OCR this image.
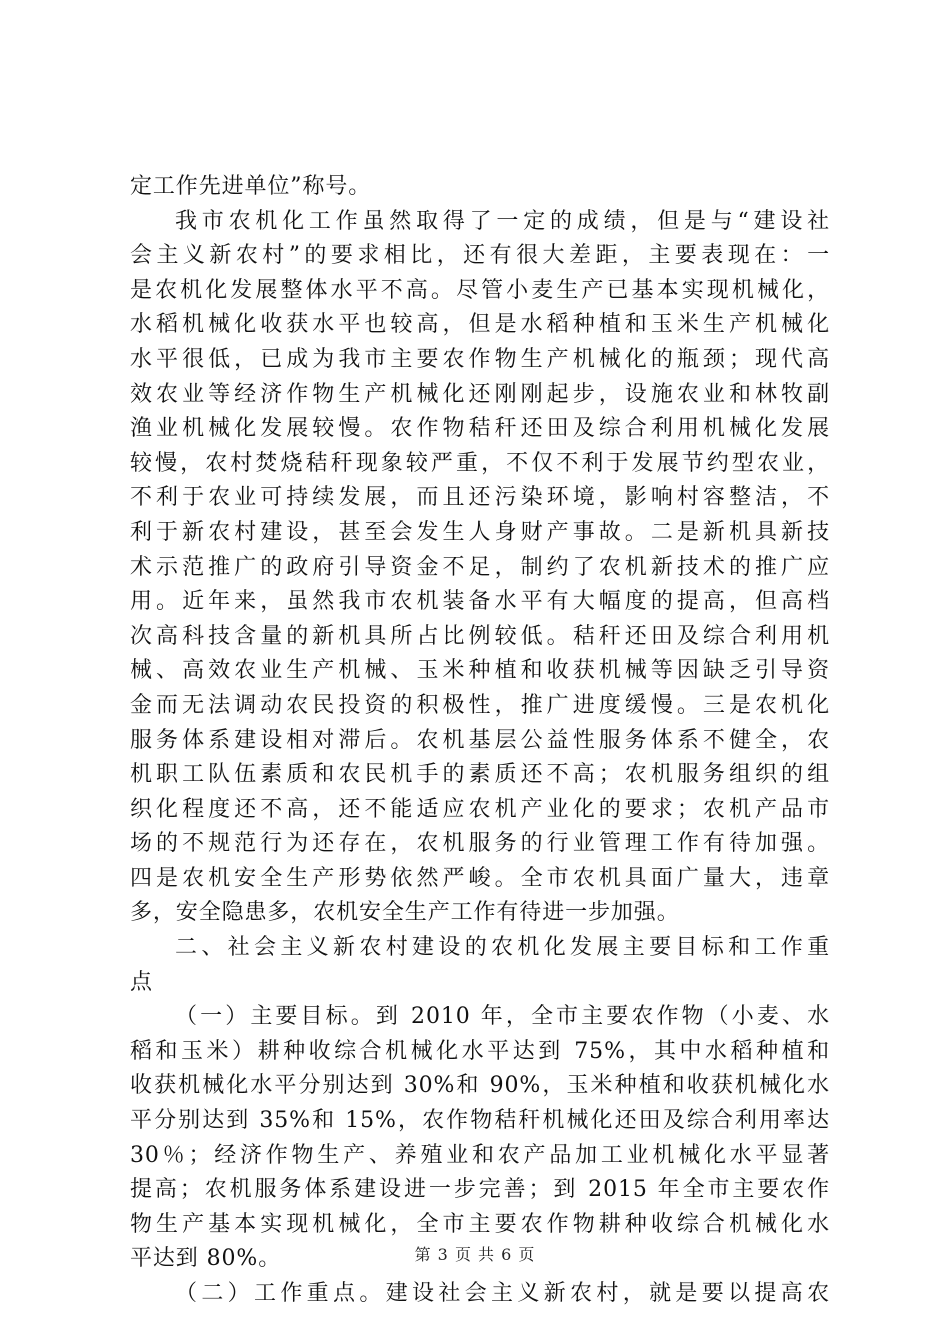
定工作先进单位”称号。
我市农机化工作虽然取得了一定的成绩，但是与“建设社
会主义新农村”的要求相比，还有很大差距，主要表现在：一
是农机化发展整体水平不高。尽管小麦生产已基本实现机械化，
水稻机械化收获水平也较高，但是水稻种植和玉米生产机械化
水平很低，已成为我市主要农作物生产机械化的瓶颈；现代高
效农业等经济作物生产机械化还刚刚起步，设施农业和林牧副
渔业机械化发展较慢。农作物秸秆还田及综合利用机械化发展
较慢，农村焚烧秸秆现象较严重，不仅不利于发展节约型农业，
不利于农业可持续发展，而且还污染环境，影响村容整洁，不
利于新农村建设，甚至会发生人身财产事故。二是新机具新技
术示范推广的政府引导资金不足，制约了农机新技术的推广应
用。近年来，虽然我市农机装备水平有大幅度的提高，但高档
次高科技含量的新机具所占比例较低。秸秆还田及综合利用机
械、高效农业生产机械、玉米种植和收获机械等因缺乏引导资
金而无法调动农民投资的积极性，推广进度缓慢。三是农机化
服务体系建设相对滞后。农机基层公益性服务体系不健全，农
机职工队伍素质和农民机手的素质还不高；农机服务组织的组
织化程度还不高，还不能适应农机产业化的要求；农机产品市
场的不规范行为还存在，农机服务的行业管理工作有待加强。
四是农机安全生产形势依然严峻。全市农机具面广量大，违章
多，安全隐患多，农机安全生产工作有待进一步加强。
二、社会主义新农村建设的农机化发展主要目标和工作重
点
（一）主要目标。到 2010 年，全市主要农作物（小麦、水
稻和玉米）耕种收综合机械化水平达到 75%，其中水稻种植和
收获机械化水平分别达到 30%和 90%，玉米种植和收获机械化水
平分别达到 35%和 15%，农作物秸秆机械化还田及综合利用率达
30％；经济作物生产、养殖业和农产品加工业机械化水平显著
提高；农机服务体系建设进一步完善；到 2015 年全市主要农作
物生产基本实现机械化，全市主要农作物耕种收综合机械化水
平达到 80%。
（二）工作重点。建设社会主义新农村，就是要以提高农
第 3 页 共 6 页
